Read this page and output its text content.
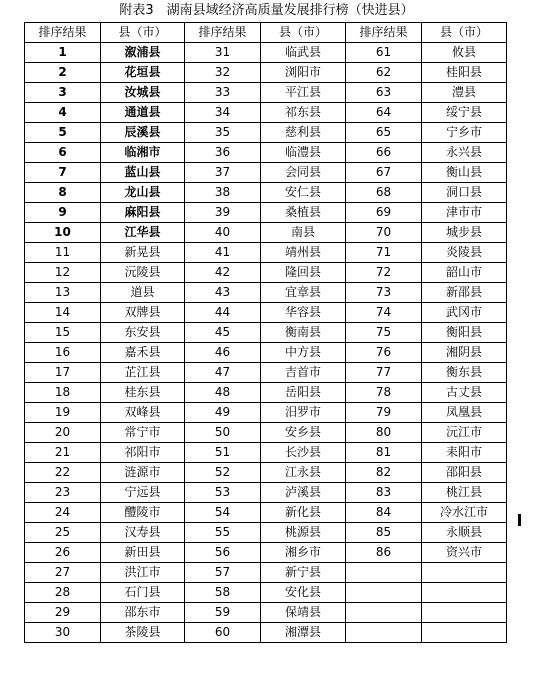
附表3　湖南县域经济高质量发展排行榜（快进县）
排序结果	县（市）	排序结果	县（市）	排序结果	县（市）
1	溆浦县	31	临武县	61	攸县
2	花垣县	32	浏阳市	62	桂阳县
3	汝城县	33	平江县	63	澧县
4	通道县	34	祁东县	64	绥宁县
5	辰溪县	35	慈利县	65	宁乡市
6	临湘市	36	临澧县	66	永兴县
7	蓝山县	37	会同县	67	衡山县
8	龙山县	38	安仁县	68	洞口县
9	麻阳县	39	桑植县	69	津市市
10	江华县	40	南县	70	城步县
11	新晃县	41	靖州县	71	炎陵县
12	沅陵县	42	隆回县	72	韶山市
13	道县	43	宜章县	73	新邵县
14	双牌县	44	华容县	74	武冈市
15	东安县	45	衡南县	75	衡阳县
16	嘉禾县	46	中方县	76	湘阴县
17	芷江县	47	吉首市	77	衡东县
18	桂东县	48	岳阳县	78	古丈县
19	双峰县	49	汨罗市	79	凤凰县
20	常宁市	50	安乡县	80	沅江市
21	祁阳市	51	长沙县	81	耒阳市
22	涟源市	52	江永县	82	邵阳县
23	宁远县	53	泸溪县	83	桃江县
24	醴陵市	54	新化县	84	冷水江市
25	汉寿县	55	桃源县	85	永顺县
26	新田县	56	湘乡市	86	资兴市
27	洪江市	57	新宁县		
28	石门县	58	安化县		
29	邵东市	59	保靖县		
30	茶陵县	60	湘潭县		
